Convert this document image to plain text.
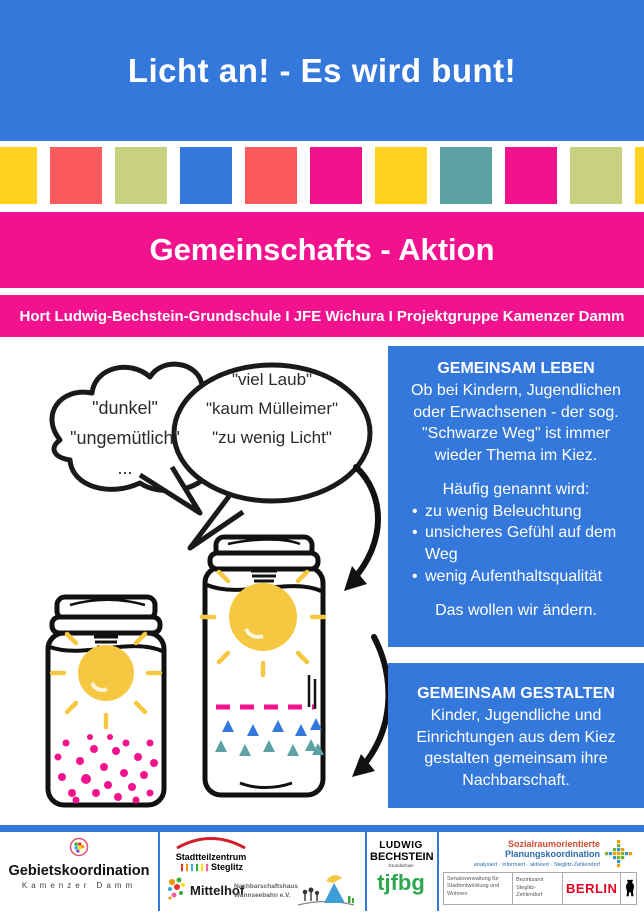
Licht an! - Es wird bunt!
Gemeinschafts - Aktion
Hort Ludwig-Bechstein-Grundschule I JFE Wichura I Projektgruppe Kamenzer Damm
"dunkel"
"ungemütlich"
...
"viel Laub"
"kaum Mülleimer"
"zu wenig Licht"
GEMEINSAM LEBEN
Ob bei Kindern, Jugendlichen oder Erwachsenen - der sog. "Schwarze Weg" ist immer wieder Thema im Kiez.
Häufig genannt wird:
• zu wenig Beleuchtung
• unsicheres Gefühl auf dem Weg
• wenig Aufenthaltsqualität
Das wollen wir ändern.
GEMEINSAM GESTALTEN
Kinder, Jugendliche und Einrichtungen aus dem Kiez gestalten gemeinsam ihre Nachbarschaft.
Gebietskoordination
Kamenzer Damm
Stadtteilzentrum
Steglitz
Mittelhof
Nachbarschaftshaus
Wannseebahn e.V.
LUDWIG
BECHSTEIN
Grundschule
tjfbg
Sozialraumorientierte
Planungskoordination
analysiert · informiert · aktiviert · Steglitz-Zehlendorf
Senatsverwaltung für Stadtentwicklung und Wohnen
Bezirksamt Steglitz-Zehlendorf	BERLIN
